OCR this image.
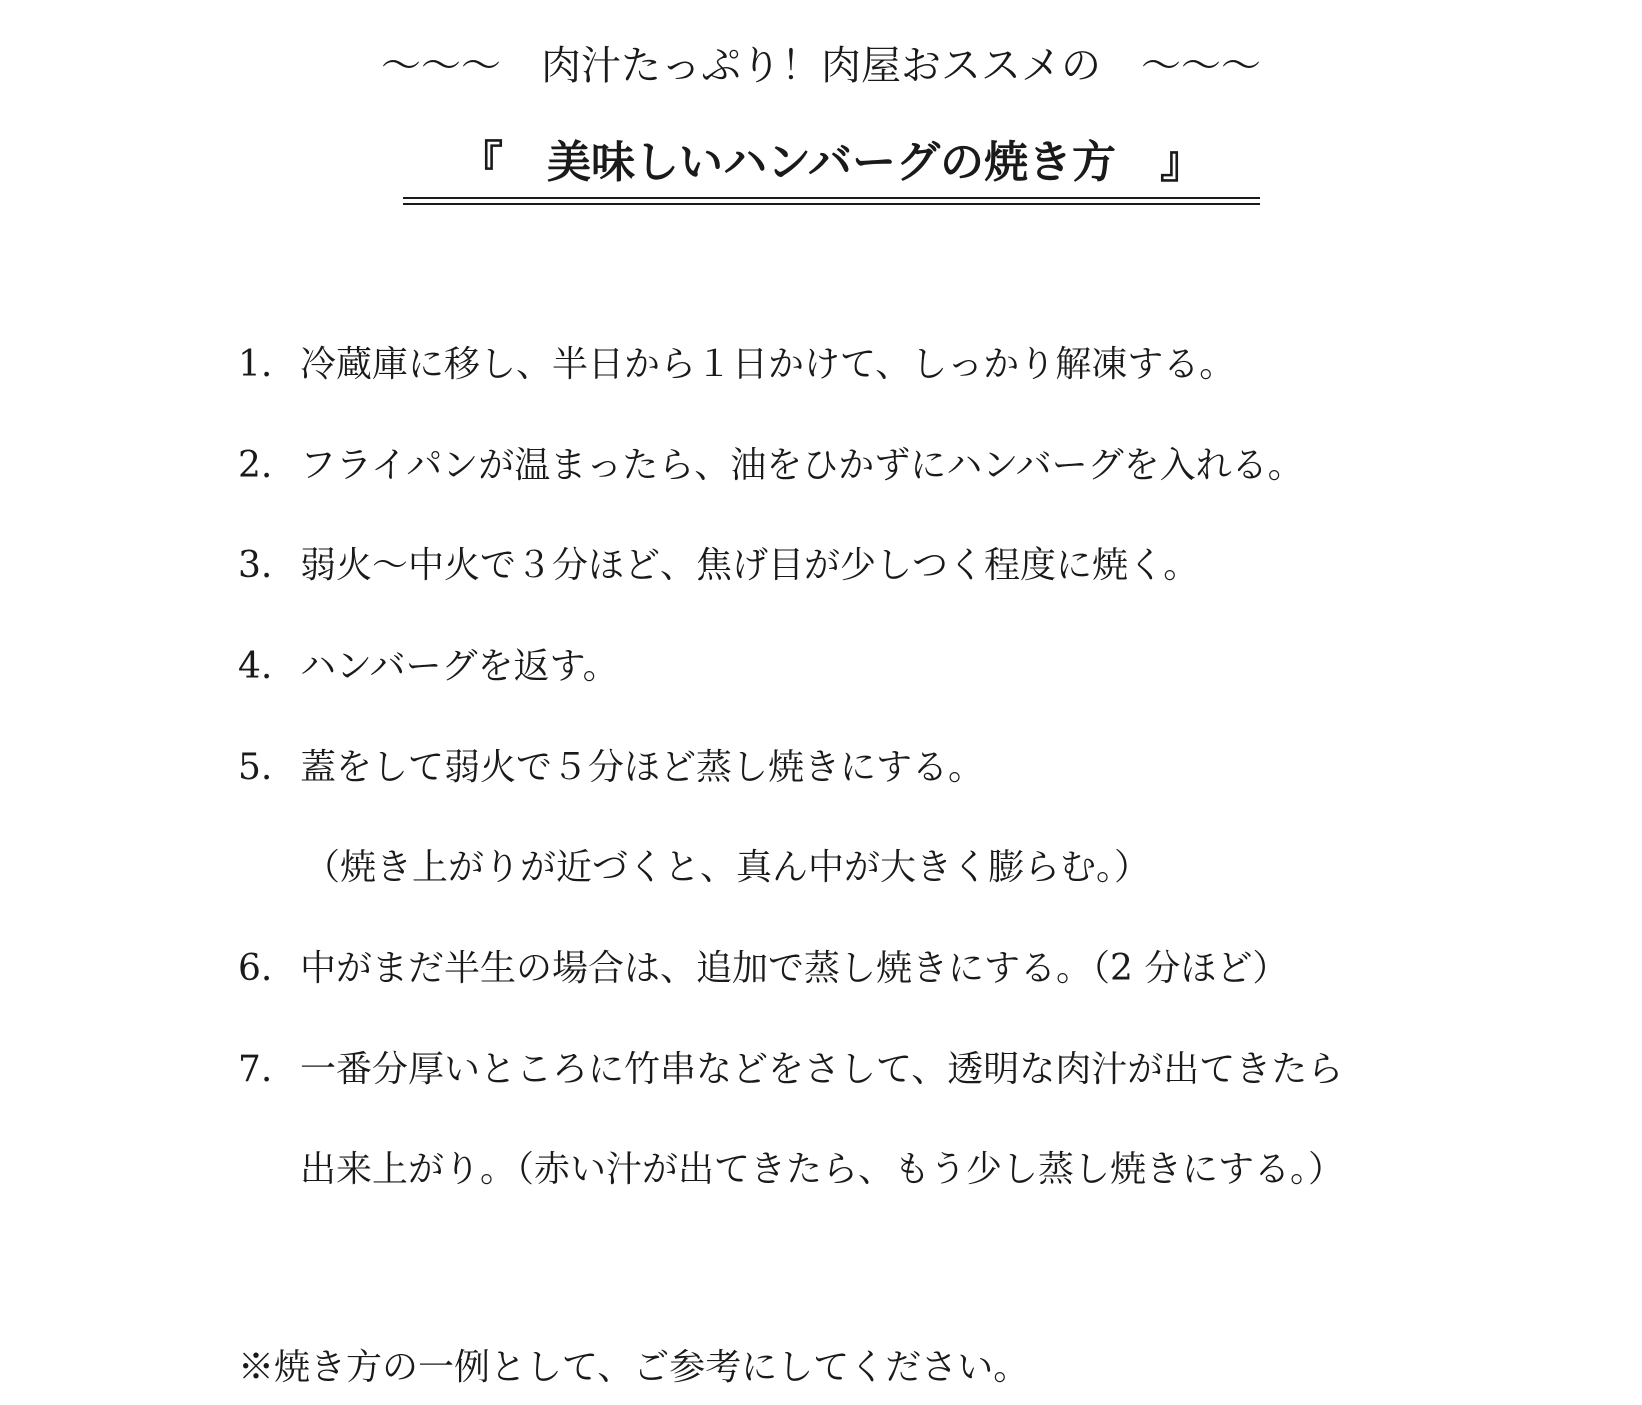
～～～　肉汁たっぷり！肉屋おススメの　～～～
『　美味しいハンバーグの焼き方　』
1. 冷蔵庫に移し、半日から１日かけて、しっかり解凍する。
2. フライパンが温まったら、油をひかずにハンバーグを入れる。
3. 弱火～中火で３分ほど、焦げ目が少しつく程度に焼く。
4. ハンバーグを返す。
5. 蓋をして弱火で５分ほど蒸し焼きにする。
（焼き上がりが近づくと、真ん中が大きく膨らむ。）
6. 中がまだ半生の場合は、追加で蒸し焼きにする。（2 分ほど）
7. 一番分厚いところに竹串などをさして、透明な肉汁が出てきたら
出来上がり。（赤い汁が出てきたら、もう少し蒸し焼きにする。）
※焼き方の一例として、ご参考にしてください。
